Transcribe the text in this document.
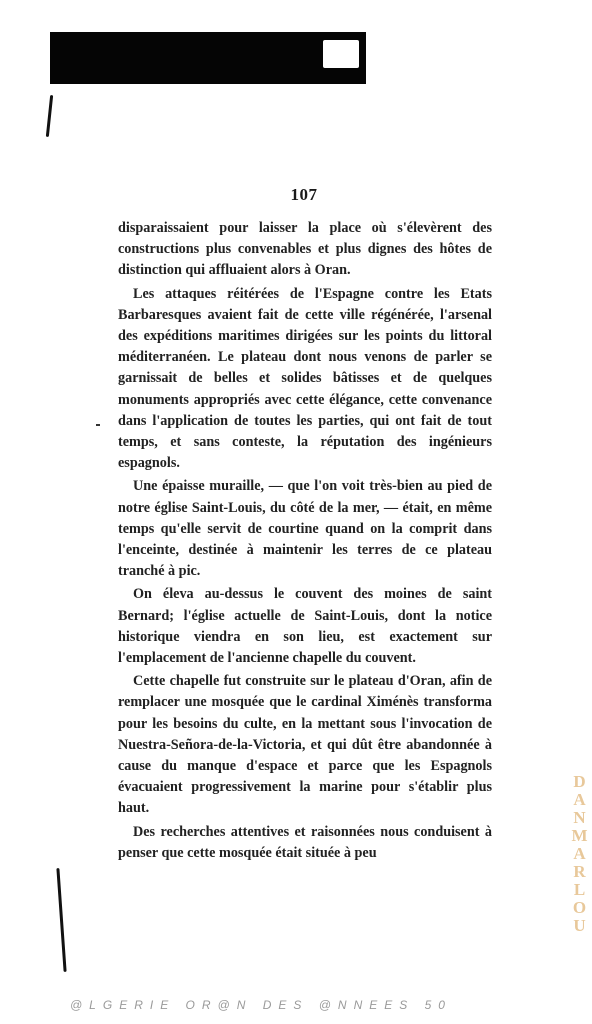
107

disparaissaient pour laisser la place où s'élevèrent des constructions plus convenables et plus dignes des hôtes de distinction qui affluaient alors à Oran.

Les attaques réitérées de l'Espagne contre les Etats Barbaresques avaient fait de cette ville régénérée, l'arsenal des expéditions maritimes dirigées sur les points du littoral méditerranéen. Le plateau dont nous venons de parler se garnissait de belles et solides bâtisses et de quelques monuments appropriés avec cette élégance, cette convenance dans l'application de toutes les parties, qui ont fait de tout temps, et sans conteste, la réputation des ingénieurs espagnols.

Une épaisse muraille, — que l'on voit très-bien au pied de notre église Saint-Louis, du côté de la mer, — était, en même temps qu'elle servit de courtine quand on la comprit dans l'enceinte, destinée à maintenir les terres de ce plateau tranché à pic.

On éleva au-dessus le couvent des moines de saint Bernard; l'église actuelle de Saint-Louis, dont la notice historique viendra en son lieu, est exactement sur l'emplacement de l'ancienne chapelle du couvent.

Cette chapelle fut construite sur le plateau d'Oran, afin de remplacer une mosquée que le cardinal Ximénès transforma pour les besoins du culte, en la mettant sous l'invocation de Nuestra-Señora-de-la-Victoria, et qui dût être abandonnée à cause du manque d'espace et parce que les Espagnols évacuaient progressivement la marine pour s'établir plus haut.

Des recherches attentives et raisonnées nous conduisent à penser que cette mosquée était située à peu	DANMARLOU
@LGERIE OR@N DES @NNEES 50
